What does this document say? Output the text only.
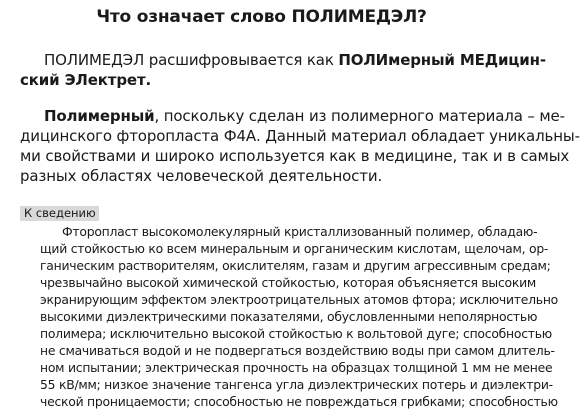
Что означает слово ПОЛИМЕДЭЛ?
ПОЛИМЕДЭЛ расшифровывается как ПОЛИмерный МЕДицин-
ский ЭЛектрет.
Полимерный, поскольку сделан из полимерного материала – ме-
дицинского фторопласта Ф4А. Данный материал обладает уникальны-
ми свойствами и широко используется как в медицине, так и в самых
разных областях человеческой деятельности.
К сведению
Фторопласт высокомолекулярный кристаллизованный полимер, обладаю-
щий стойкостью ко всем минеральным и органическим кислотам, щелочам, ор-
ганическим растворителям, окислителям, газам и другим агрессивным средам;
чрезвычайно высокой химической стойкостью, которая объясняется высоким
экранирующим эффектом электроотрицательных атомов фтора; исключительно
высокими диэлектрическими показателями, обусловленными неполярностью
полимера; исключительно высокой стойкостью к вольтовой дуге; способностью
не смачиваться водой и не подвергаться воздействию воды при самом длитель-
ном испытании; электрическая прочность на образцах толщиной 1 мм не менее
55 кВ/мм; низкое значение тангенса угла диэлектрических потерь и диэлектри-
ческой проницаемости; способностью не повреждаться грибками; способностью
